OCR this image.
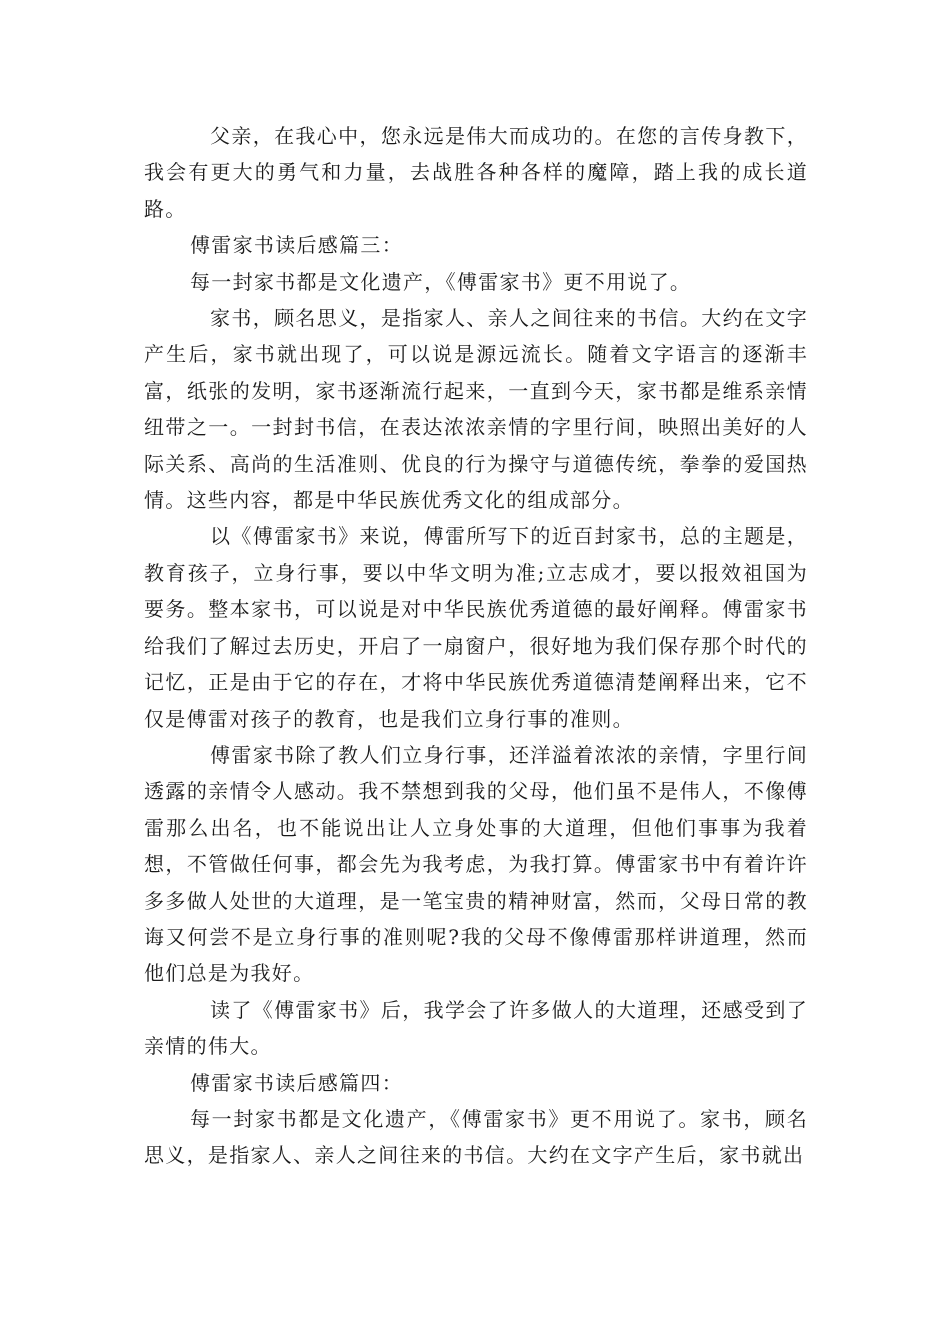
父亲，在我心中，您永远是伟大而成功的。在您的言传身教下，我会有更大的勇气和力量，去战胜各种各样的魔障，踏上我的成长道路。

傅雷家书读后感篇三：

每一封家书都是文化遗产，《傅雷家书》更不用说了。

家书，顾名思义，是指家人、亲人之间往来的书信。大约在文字产生后，家书就出现了，可以说是源远流长。随着文字语言的逐渐丰富，纸张的发明，家书逐渐流行起来，一直到今天，家书都是维系亲情纽带之一。一封封书信，在表达浓浓亲情的字里行间，映照出美好的人际关系、高尚的生活准则、优良的行为操守与道德传统，拳拳的爱国热情。这些内容，都是中华民族优秀文化的组成部分。

以《傅雷家书》来说，傅雷所写下的近百封家书，总的主题是，教育孩子，立身行事，要以中华文明为准;立志成才，要以报效祖国为要务。整本家书，可以说是对中华民族优秀道德的最好阐释。傅雷家书给我们了解过去历史，开启了一扇窗户，很好地为我们保存那个时代的记忆，正是由于它的存在，才将中华民族优秀道德清楚阐释出来，它不仅是傅雷对孩子的教育，也是我们立身行事的准则。

傅雷家书除了教人们立身行事，还洋溢着浓浓的亲情，字里行间透露的亲情令人感动。我不禁想到我的父母，他们虽不是伟人，不像傅雷那么出名，也不能说出让人立身处事的大道理，但他们事事为我着想，不管做任何事，都会先为我考虑，为我打算。傅雷家书中有着许许多多做人处世的大道理，是一笔宝贵的精神财富，然而，父母日常的教诲又何尝不是立身行事的准则呢?我的父母不像傅雷那样讲道理，然而他们总是为我好。

读了《傅雷家书》后，我学会了许多做人的大道理，还感受到了亲情的伟大。

傅雷家书读后感篇四：

每一封家书都是文化遗产，《傅雷家书》更不用说了。家书，顾名思义，是指家人、亲人之间往来的书信。大约在文字产生后，家书就出
